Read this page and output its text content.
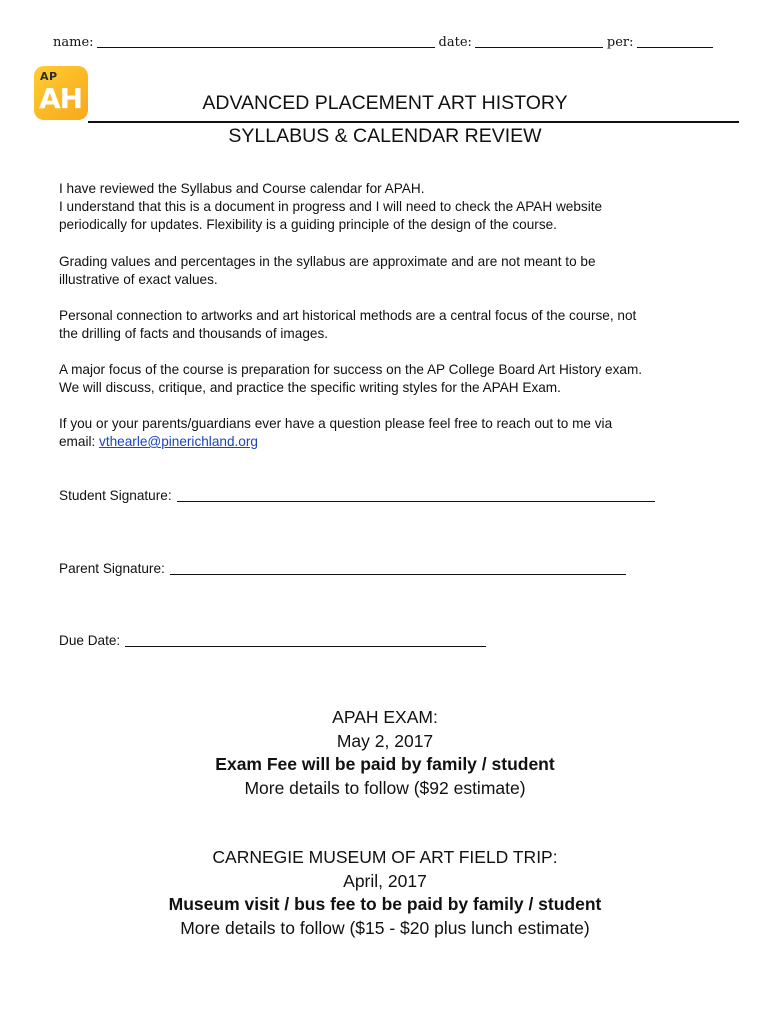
name:	date:	per:
AP
AH	ADVANCED PLACEMENT ART HISTORY
SYLLABUS & CALENDAR REVIEW
I have reviewed the Syllabus and Course calendar for APAH.
I understand that this is a document in progress and I will need to check the APAH website
periodically for updates. Flexibility is a guiding principle of the design of the course.
Grading values and percentages in the syllabus are approximate and are not meant to be
illustrative of exact values.
Personal connection to artworks and art historical methods are a central focus of the course, not
the drilling of facts and thousands of images.
A major focus of the course is preparation for success on the AP College Board Art History exam.
We will discuss, critique, and practice the specific writing styles for the APAH Exam.
If you or your parents/guardians ever have a question please feel free to reach out to me via
email: vthearle@pinerichland.org
Student Signature:
Parent Signature:
Due Date:
APAH EXAM:
May 2, 2017
Exam Fee will be paid by family / student
More details to follow ($92 estimate)
CARNEGIE MUSEUM OF ART FIELD TRIP:
April, 2017
Museum visit / bus fee to be paid by family / student
More details to follow ($15 - $20 plus lunch estimate)
